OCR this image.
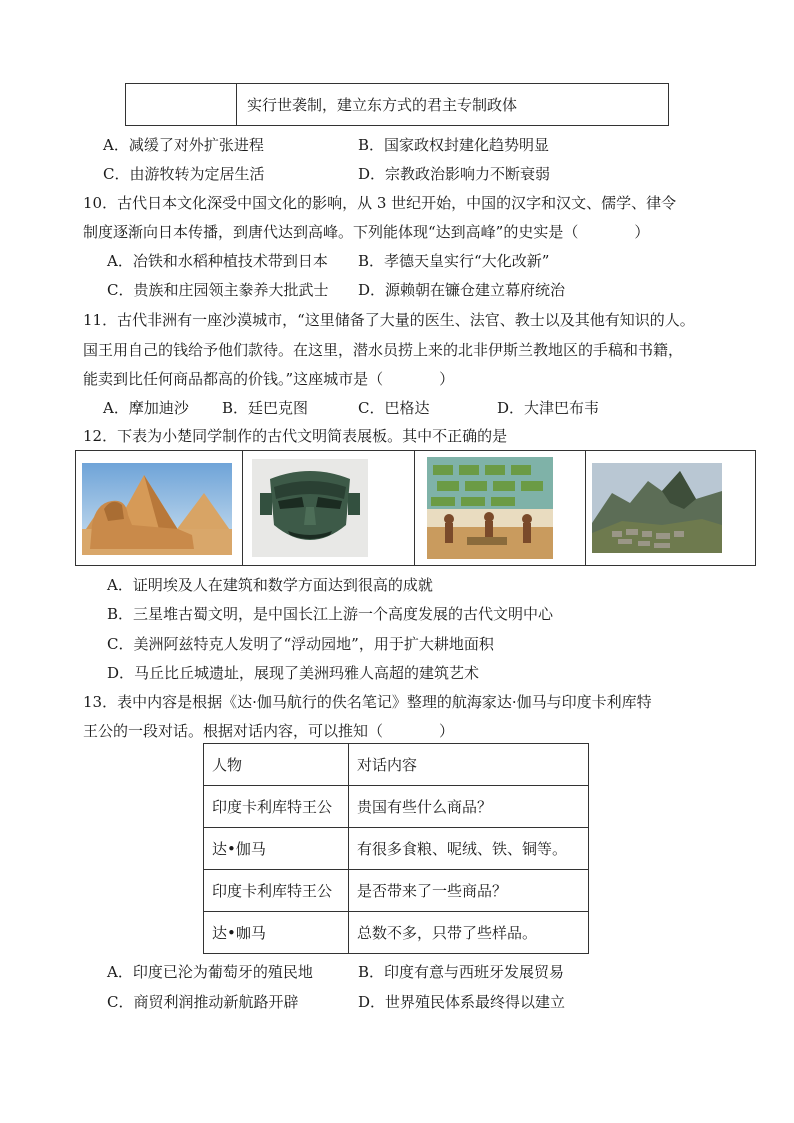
	实行世袭制，建立东方式的君主专制政体
A．减缓了对外扩张进程	B．国家政权封建化趋势明显
C．由游牧转为定居生活	D．宗教政治影响力不断衰弱
10．古代日本文化深受中国文化的影响，从 3 世纪开始，中国的汉字和汉文、儒学、律令
制度逐渐向日本传播，到唐代达到高峰。下列能体现“达到高峰”的史实是（	）
A．冶铁和水稻种植技术带到日本 B．孝德天皇实行“大化改新”
C．贵族和庄园领主豢养大批武士 D．源赖朝在镰仓建立幕府统治
11．古代非洲有一座沙漠城市，“这里储备了大量的医生、法官、教士以及其他有知识的人。
国王用自己的钱给予他们款待。在这里，潜水员捞上来的北非伊斯兰教地区的手稿和书籍，
能卖到比任何商品都高的价钱。”这座城市是（	）
A．摩加迪沙 B．廷巴克图	C．巴格达	D．大津巴布韦
12．下表为小楚同学制作的古代文明简表展板。其中不正确的是
A．证明埃及人在建筑和数学方面达到很高的成就
B．三星堆古蜀文明，是中国长江上游一个高度发展的古代文明中心
C．美洲阿兹特克人发明了“浮动园地”，用于扩大耕地面积
D．马丘比丘城遗址，展现了美洲玛雅人高超的建筑艺术
13．表中内容是根据《达·伽马航行的佚名笔记》整理的航海家达·伽马与印度卡利库特
王公的一段对话。根据对话内容，可以推知（	）
人物	对话内容
印度卡利库特王公	贵国有些什么商品？
达•伽马	有很多食粮、呢绒、铁、铜等。
印度卡利库特王公	是否带来了一些商品？
达•咖马	总数不多，只带了些样品。
A．印度已沦为葡萄牙的殖民地	B．印度有意与西班牙发展贸易
C．商贸利润推动新航路开辟	D．世界殖民体系最终得以建立
